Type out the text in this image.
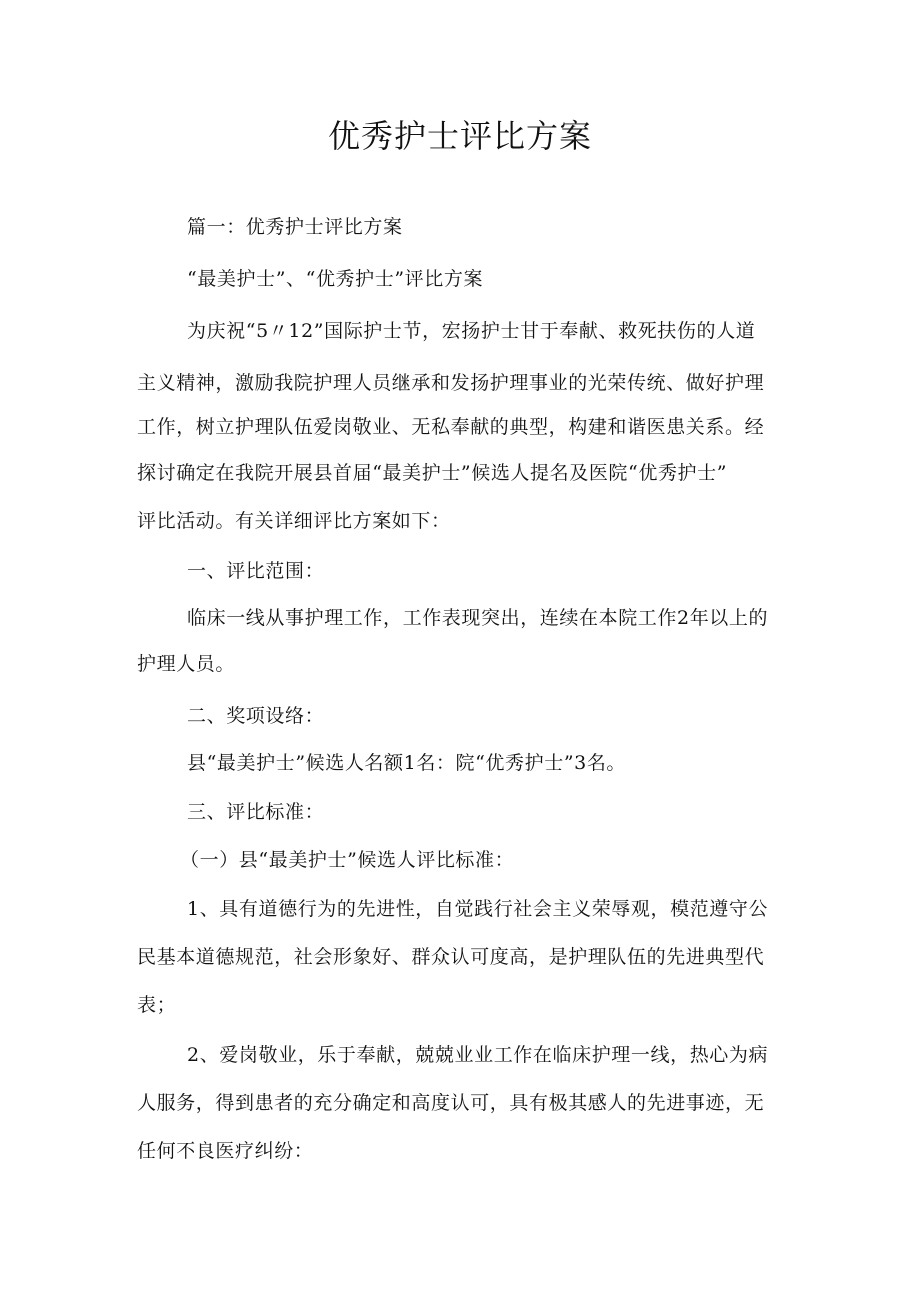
优秀护士评比方案
篇一：优秀护士评比方案
“最美护士”、“优秀护士”评比方案
为庆祝“5〃12”国际护士节，宏扬护士甘于奉献、救死扶伤的人道
主义精神，激励我院护理人员继承和发扬护理事业的光荣传统、做好护理
工作，树立护理队伍爱岗敬业、无私奉献的典型，构建和谐医患关系。经
探讨确定在我院开展县首届“最美护士”候选人提名及医院“优秀护士”
评比活动。有关详细评比方案如下：
一、评比范围：
临床一线从事护理工作，工作表现突出，连续在本院工作2年以上的
护理人员。
二、奖项设络：
县“最美护士”候选人名额1名：院“优秀护士”3名。
三、评比标准：
（一）县“最美护士”候选人评比标准：
1、具有道德行为的先进性，自觉践行社会主义荣辱观，模范遵守公
民基本道德规范，社会形象好、群众认可度高，是护理队伍的先进典型代
表；
2、爱岗敬业，乐于奉献，兢兢业业工作在临床护理一线，热心为病
人服务，得到患者的充分确定和高度认可，具有极其感人的先进事迹，无
任何不良医疗纠纷：
